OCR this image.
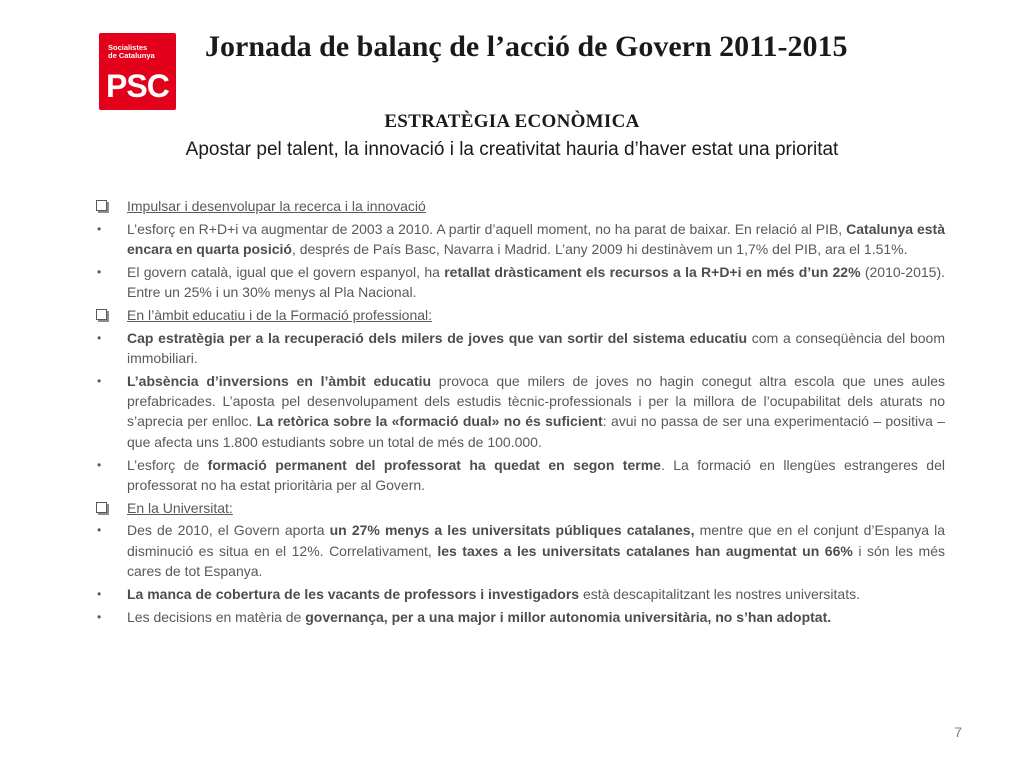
Socialistes
de Catalunya
PSC
Jornada de balanç de l’acció de Govern 2011-2015
ESTRATÈGIA ECONÒMICA
Apostar pel talent, la innovació i la creativitat hauria d’haver estat una prioritat
Impulsar i desenvolupar la recerca i la innovació
• L’esforç en R+D+i va augmentar de 2003 a 2010. A partir d’aquell moment, no ha parat de baixar. En relació al PIB, Catalunya està encara en quarta posició, després de País Basc, Navarra i Madrid. L’any 2009 hi destinàvem un 1,7% del PIB, ara el 1.51%.
• El govern català, igual que el govern espanyol, ha retallat dràsticament els recursos a la R+D+i en més d’un 22% (2010-2015). Entre un 25% i un 30% menys al Pla Nacional.
En l’àmbit educatiu i de la Formació professional:
• Cap estratègia per a la recuperació dels milers de joves que van sortir del sistema educatiu com a conseqüència del boom immobiliari.
• L’absència d’inversions en l’àmbit educatiu provoca que milers de joves no hagin conegut altra escola que unes aules prefabricades. L’aposta pel desenvolupament dels estudis tècnic-professionals i per la millora de l’ocupabilitat dels aturats no s’aprecia per enlloc. La retòrica sobre la «formació dual» no és suficient: avui no passa de ser una experimentació – positiva – que afecta uns 1.800 estudiants sobre un total de més de 100.000.
• L’esforç de formació permanent del professorat ha quedat en segon terme. La formació en llengües estrangeres del professorat no ha estat prioritària per al Govern.
En la Universitat:
• Des de 2010, el Govern aporta un 27% menys a les universitats públiques catalanes, mentre que en el conjunt d’Espanya la disminució es situa en el 12%. Correlativament, les taxes a les universitats catalanes han augmentat un 66% i són les més cares de tot Espanya.
• La manca de cobertura de les vacants de professors i investigadors està descapitalitzant les nostres universitats.
• Les decisions en matèria de governança, per a una major i millor autonomia universitària, no s’han adoptat.
7
